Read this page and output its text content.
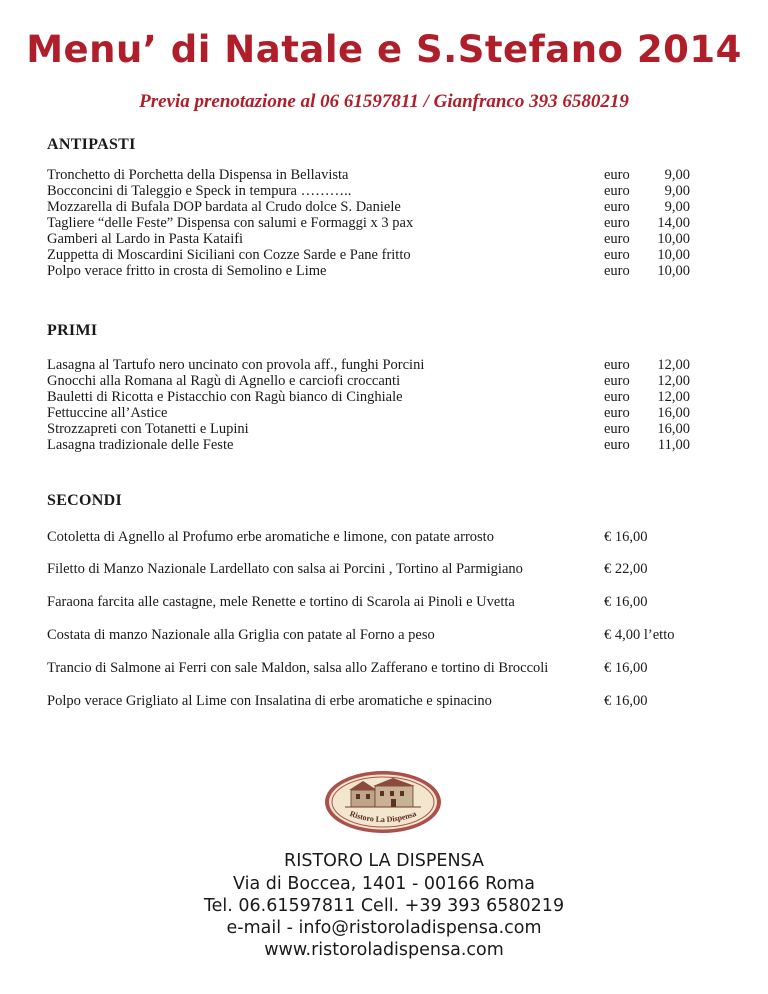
Menu’ di Natale e S.Stefano 2014
Previa prenotazione al 06 61597811 / Gianfranco 393 6580219
ANTIPASTI
Tronchetto di Porchetta della Dispensa in Bellavista	euro 9,00
Bocconcini di Taleggio e Speck in tempura ………..	euro 9,00
Mozzarella di Bufala DOP bardata al Crudo dolce S. Daniele	euro 9,00
Tagliere “delle Feste” Dispensa con salumi e Formaggi x 3 pax	euro 14,00
Gamberi al Lardo in Pasta Kataifi	euro 10,00
Zuppetta di Moscardini Siciliani con Cozze Sarde e Pane fritto	euro 10,00
Polpo verace fritto in crosta di Semolino e Lime	euro 10,00
PRIMI
Lasagna al Tartufo nero uncinato con provola aff., funghi Porcini	euro 12,00
Gnocchi alla Romana al Ragù di Agnello e carciofi croccanti	euro 12,00
Bauletti di Ricotta e Pistacchio con Ragù bianco di Cinghiale	euro 12,00
Fettuccine all’Astice	euro 16,00
Strozzapreti con Totanetti e Lupini	euro 16,00
Lasagna tradizionale delle Feste	euro 11,00
SECONDI
Cotoletta di Agnello al Profumo erbe aromatiche e limone, con patate arrosto	€ 16,00
Filetto di Manzo Nazionale Lardellato con salsa ai Porcini , Tortino al Parmigiano	€ 22,00
Faraona farcita alle castagne, mele Renette e tortino di Scarola ai Pinoli e Uvetta	€ 16,00
Costata di manzo Nazionale alla Griglia con patate al Forno a peso	€ 4,00 l’etto
Trancio di Salmone ai Ferri con sale Maldon, salsa allo Zafferano e tortino di Broccoli	€ 16,00
Polpo verace Grigliato al Lime con Insalatina di erbe aromatiche e spinacino	€ 16,00
Ristoro La Dispensa
RISTORO LA DISPENSA
Via di Boccea, 1401 - 00166 Roma
Tel. 06.61597811 Cell. +39 393 6580219
e-mail - info@ristoroladispensa.com
www.ristoroladispensa.com
